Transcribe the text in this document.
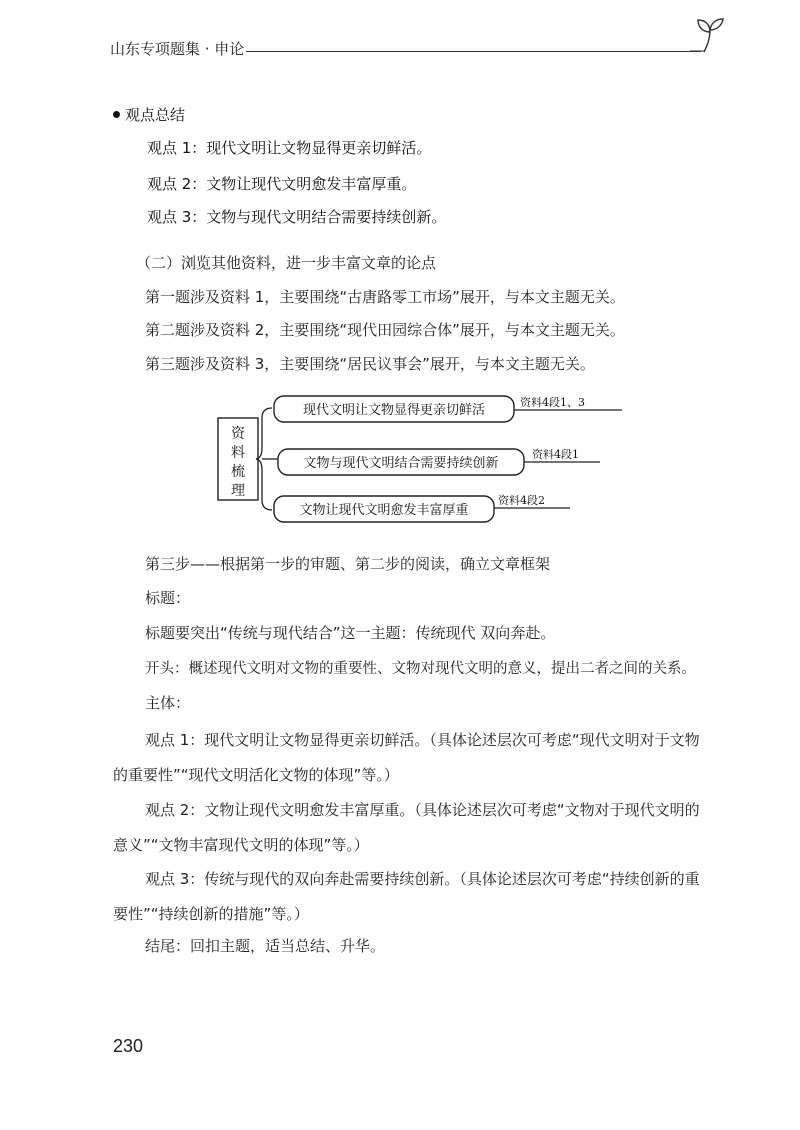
山东专项题集 · 申论
观点总结
观点 1：现代文明让文物显得更亲切鲜活。
观点 2：文物让现代文明愈发丰富厚重。
观点 3：文物与现代文明结合需要持续创新。
（二）浏览其他资料，进一步丰富文章的论点
第一题涉及资料 1，主要围绕“古唐路零工市场”展开，与本文主题无关。
第二题涉及资料 2，主要围绕“现代田园综合体”展开，与本文主题无关。
第三题涉及资料 3，主要围绕“居民议事会”展开，与本文主题无关。
资
料
梳
理
现代文明让文物显得更亲切鲜活
资料4段1、3
文物与现代文明结合需要持续创新
资料4段1
文物让现代文明愈发丰富厚重
资料4段2
第三步——根据第一步的审题、第二步的阅读，确立文章框架
标题：
标题要突出“传统与现代结合”这一主题：传统现代 双向奔赴。
开头：概述现代文明对文物的重要性、文物对现代文明的意义，提出二者之间的关系。
主体：
观点 1：现代文明让文物显得更亲切鲜活。（具体论述层次可考虑“现代文明对于文物的重要性”“现代文明活化文物的体现”等。）
观点 2：文物让现代文明愈发丰富厚重。（具体论述层次可考虑“文物对于现代文明的意义”“文物丰富现代文明的体现”等。）
观点 3：传统与现代的双向奔赴需要持续创新。（具体论述层次可考虑“持续创新的重要性”“持续创新的措施”等。）
结尾：回扣主题，适当总结、升华。
230
